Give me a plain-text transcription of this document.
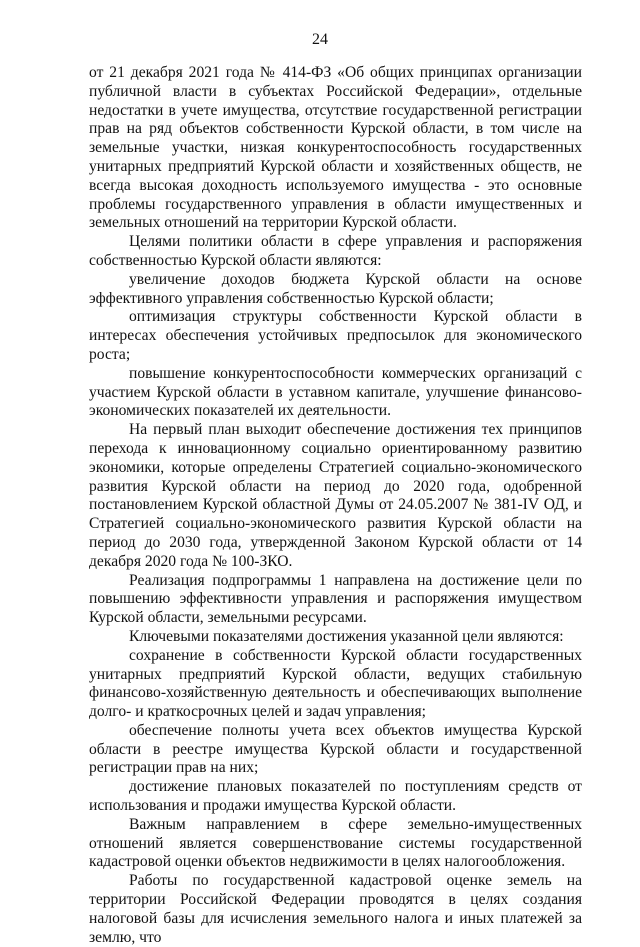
24

от 21 декабря 2021 года № 414-ФЗ «Об общих принципах организации публичной власти в субъектах Российской Федерации», отдельные недостатки в учете имущества, отсутствие государственной регистрации прав на ряд объектов собственности Курской области, в том числе на земельные участки, низкая конкурентоспособность государственных унитарных предприятий Курской области и хозяйственных обществ, не всегда высокая доходность используемого имущества - это основные проблемы государственного управления в области имущественных и земельных отношений на территории Курской области.

Целями политики области в сфере управления и распоряжения собственностью Курской области являются:

увеличение доходов бюджета Курской области на основе эффективного управления собственностью Курской области;

оптимизация структуры собственности Курской области в интересах обеспечения устойчивых предпосылок для экономического роста;

повышение конкурентоспособности коммерческих организаций с участием Курской области в уставном капитале, улучшение финансово-экономических показателей их деятельности.

На первый план выходит обеспечение достижения тех принципов перехода к инновационному социально ориентированному развитию экономики, которые определены Стратегией социально-экономического развития Курской области на период до 2020 года, одобренной постановлением Курской областной Думы от 24.05.2007 № 381-IV ОД, и Стратегией социально-экономического развития Курской области на период до 2030 года, утвержденной Законом Курской области от 14 декабря 2020 года № 100-ЗКО.

Реализация подпрограммы 1 направлена на достижение цели по повышению эффективности управления и распоряжения имуществом Курской области, земельными ресурсами.

Ключевыми показателями достижения указанной цели являются:

сохранение в собственности Курской области государственных унитарных предприятий Курской области, ведущих стабильную финансово-хозяйственную деятельность и обеспечивающих выполнение долго- и краткосрочных целей и задач управления;

обеспечение полноты учета всех объектов имущества Курской области в реестре имущества Курской области и государственной регистрации прав на них;

достижение плановых показателей по поступлениям средств от использования и продажи имущества Курской области.

Важным направлением в сфере земельно-имущественных отношений является совершенствование системы государственной кадастровой оценки объектов недвижимости в целях налогообложения.

Работы по государственной кадастровой оценке земель на территории Российской Федерации проводятся в целях создания налоговой базы для исчисления земельного налога и иных платежей за землю, что
